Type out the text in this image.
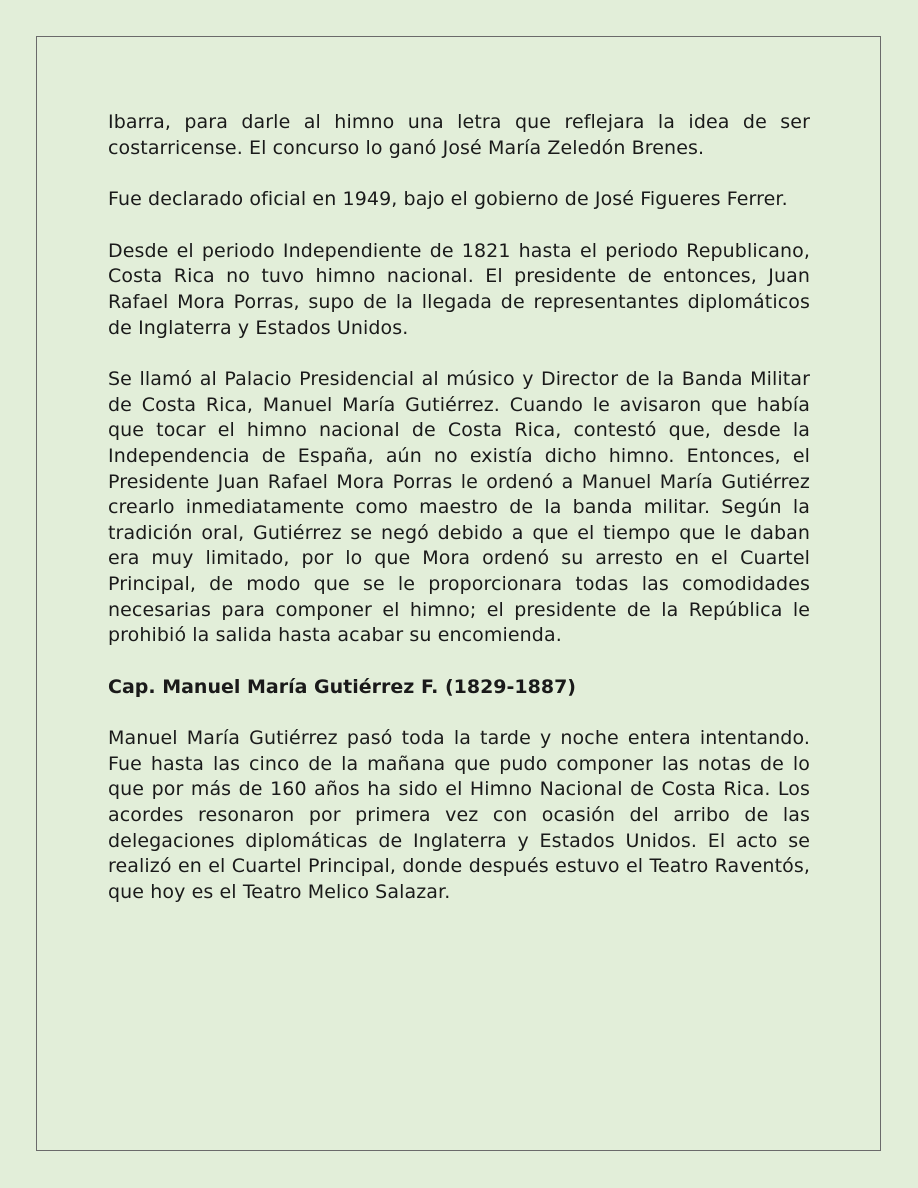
Ibarra, para darle al himno una letra que reflejara la idea de ser costarricense. El concurso lo ganó José María Zeledón Brenes.

Fue declarado oficial en 1949, bajo el gobierno de José Figueres Ferrer.

Desde el periodo Independiente de 1821 hasta el periodo Republicano, Costa Rica no tuvo himno nacional. El presidente de entonces, Juan Rafael Mora Porras, supo de la llegada de representantes diplomáticos de Inglaterra y Estados Unidos.

Se llamó al Palacio Presidencial al músico y Director de la Banda Militar de Costa Rica, Manuel María Gutiérrez. Cuando le avisaron que había que tocar el himno nacional de Costa Rica, contestó que, desde la Independencia de España, aún no existía dicho himno. Entonces, el Presidente Juan Rafael Mora Porras le ordenó a Manuel María Gutiérrez crearlo inmediatamente como maestro de la banda militar. Según la tradición oral, Gutiérrez se negó debido a que el tiempo que le daban era muy limitado, por lo que Mora ordenó su arresto en el Cuartel Principal, de modo que se le proporcionara todas las comodidades necesarias para componer el himno; el presidente de la República le prohibió la salida hasta acabar su encomienda.

Cap. Manuel María Gutiérrez F. (1829-1887)

Manuel María Gutiérrez pasó toda la tarde y noche entera intentando. Fue hasta las cinco de la mañana que pudo componer las notas de lo que por más de 160 años ha sido el Himno Nacional de Costa Rica. Los acordes resonaron por primera vez con ocasión del arribo de las delegaciones diplomáticas de Inglaterra y Estados Unidos. El acto se realizó en el Cuartel Principal, donde después estuvo el Teatro Raventós, que hoy es el Teatro Melico Salazar.
